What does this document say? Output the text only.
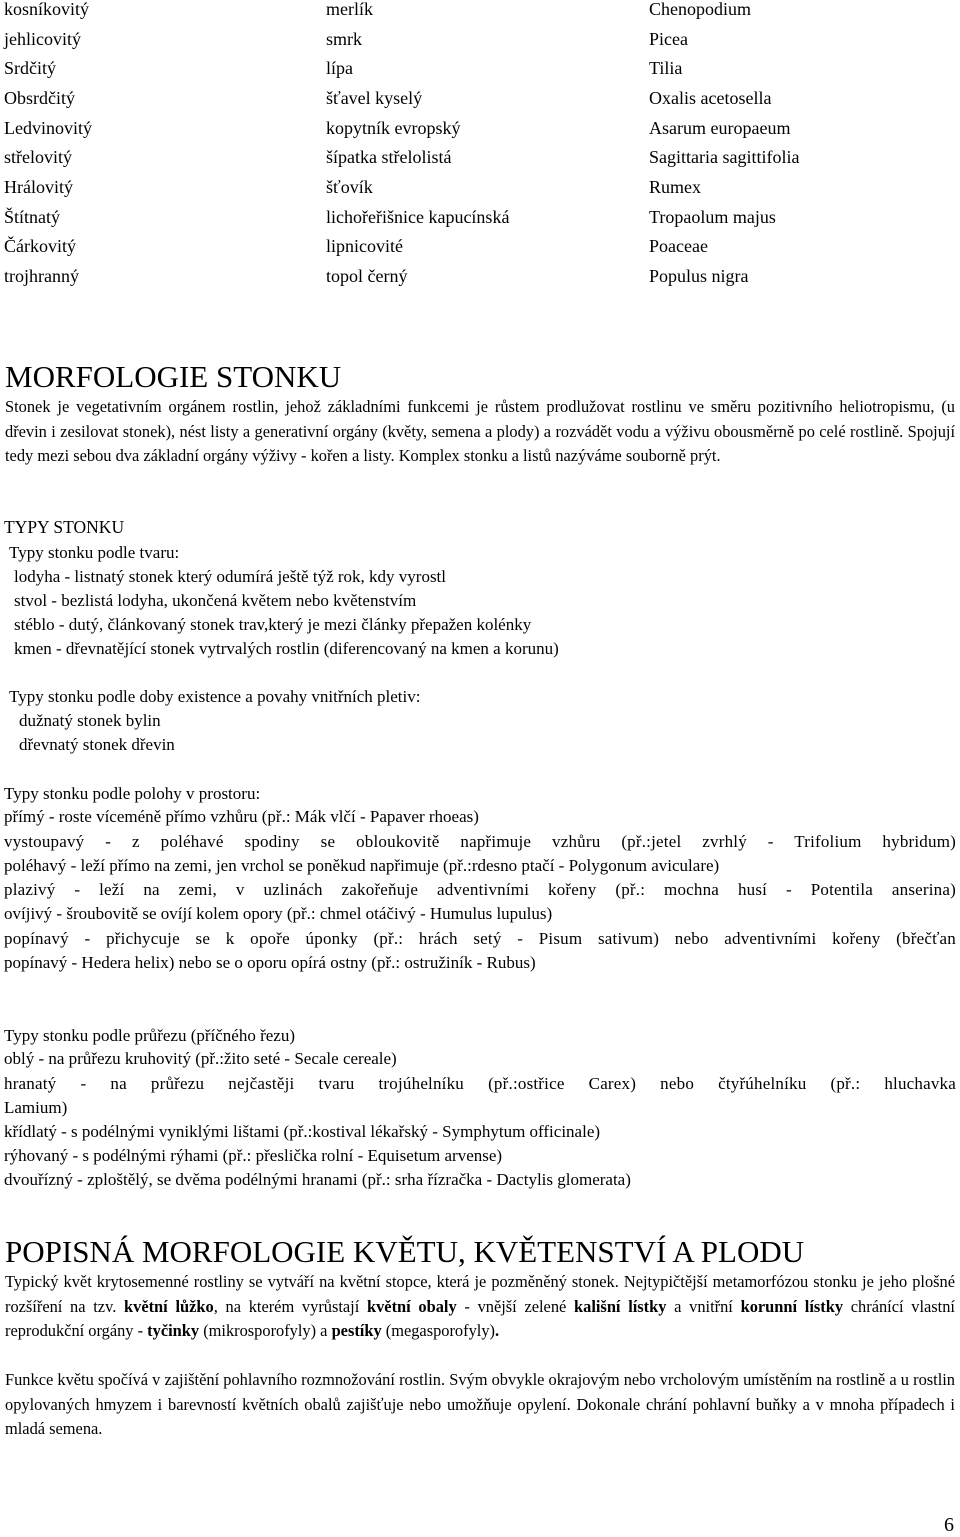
kosníkovitý	merlík	Chenopodium
jehlicovitý	smrk	Picea
Srdčitý	lípa	Tilia
Obsrdčitý	šťavel kyselý	Oxalis acetosella
Ledvinovitý	kopytník evropský	Asarum europaeum
střelovitý	šípatka střelolistá	Sagittaria sagittifolia
Hrálovitý	šťovík	Rumex
Štítnatý	lichořeřišnice kapucínská	Tropaolum majus
Čárkovitý	lipnicovité	Poaceae
trojhranný	topol černý	Populus nigra
MORFOLOGIE STONKU

Stonek je vegetativním orgánem rostlin, jehož základními funkcemi je růstem prodlužovat rostlinu ve směru pozitivního heliotropismu, (u dřevin i zesilovat stonek), nést listy a generativní orgány (květy, semena a plody) a rozvádět vodu a výživu obousměrně po celé rostlině. Spojují tedy mezi sebou dva základní orgány výživy - kořen a listy. Komplex stonku a listů nazýváme souborně prýt.

TYPY STONKU
Typy stonku podle tvaru:
lodyha - listnatý stonek který odumírá ještě týž rok, kdy vyrostl
stvol - bezlistá lodyha, ukončená květem nebo květenstvím
stéblo - dutý, článkovaný stonek trav,který je mezi články přepažen kolénky
kmen - dřevnatějící stonek vytrvalých rostlin (diferencovaný na kmen a korunu)
Typy stonku podle doby existence a povahy vnitřních pletiv:
dužnatý stonek bylin
dřevnatý stonek dřevin
Typy stonku podle polohy v prostoru:
přímý - roste víceméně přímo vzhůru (př.: Mák vlčí - Papaver rhoeas)
vystoupavý - z poléhavé spodiny se obloukovitě napřimuje vzhůru (př.:jetel zvrhlý - Trifolium hybridum)
poléhavý - leží přímo na zemi, jen vrchol se poněkud napřimuje (př.:rdesno ptačí - Polygonum aviculare)
plazivý - leží na zemi, v uzlinách zakořeňuje adventivními kořeny (př.: mochna husí - Potentila anserina)
ovíjivý - šroubovitě se ovíjí kolem opory (př.: chmel otáčivý - Humulus lupulus)
popínavý - přichycuje se k opoře úponky (př.: hrách setý - Pisum sativum) nebo adventivními kořeny (břečťan
popínavý - Hedera helix) nebo se o oporu opírá ostny (př.: ostružiník - Rubus)
Typy stonku podle průřezu (příčného řezu)
oblý - na průřezu kruhovitý (př.:žito seté - Secale cereale)
hranatý - na průřezu nejčastěji tvaru trojúhelníku (př.:ostřice Carex) nebo čtyřúhelníku (př.: hluchavka
Lamium)
křídlatý - s podélnými vyniklými lištami (př.:kostival lékařský - Symphytum officinale)
rýhovaný - s podélnými rýhami (př.: přeslička rolní - Equisetum arvense)
dvouřízný - zploštělý, se dvěma podélnými hranami (př.: srha řízračka - Dactylis glomerata)
POPISNÁ MORFOLOGIE KVĚTU, KVĚTENSTVÍ A PLODU

Typický květ krytosemenné rostliny se vytváří na květní stopce, která je pozměněný stonek. Nejtypičtější metamorfózou stonku je jeho plošné rozšíření na tzv. květní lůžko, na kterém vyrůstají květní obaly - vnější zelené kališní lístky a vnitřní korunní lístky chránící vlastní reprodukční orgány - tyčinky (mikrosporofyly) a pestíky (megasporofyly).

Funkce květu spočívá v zajištění pohlavního rozmnožování rostlin. Svým obvykle okrajovým nebo vrcholovým umístěním na rostlině a u rostlin opylovaných hmyzem i barevností květních obalů zajišťuje nebo umožňuje opylení. Dokonale chrání pohlavní buňky a v mnoha případech i mladá semena.

6
